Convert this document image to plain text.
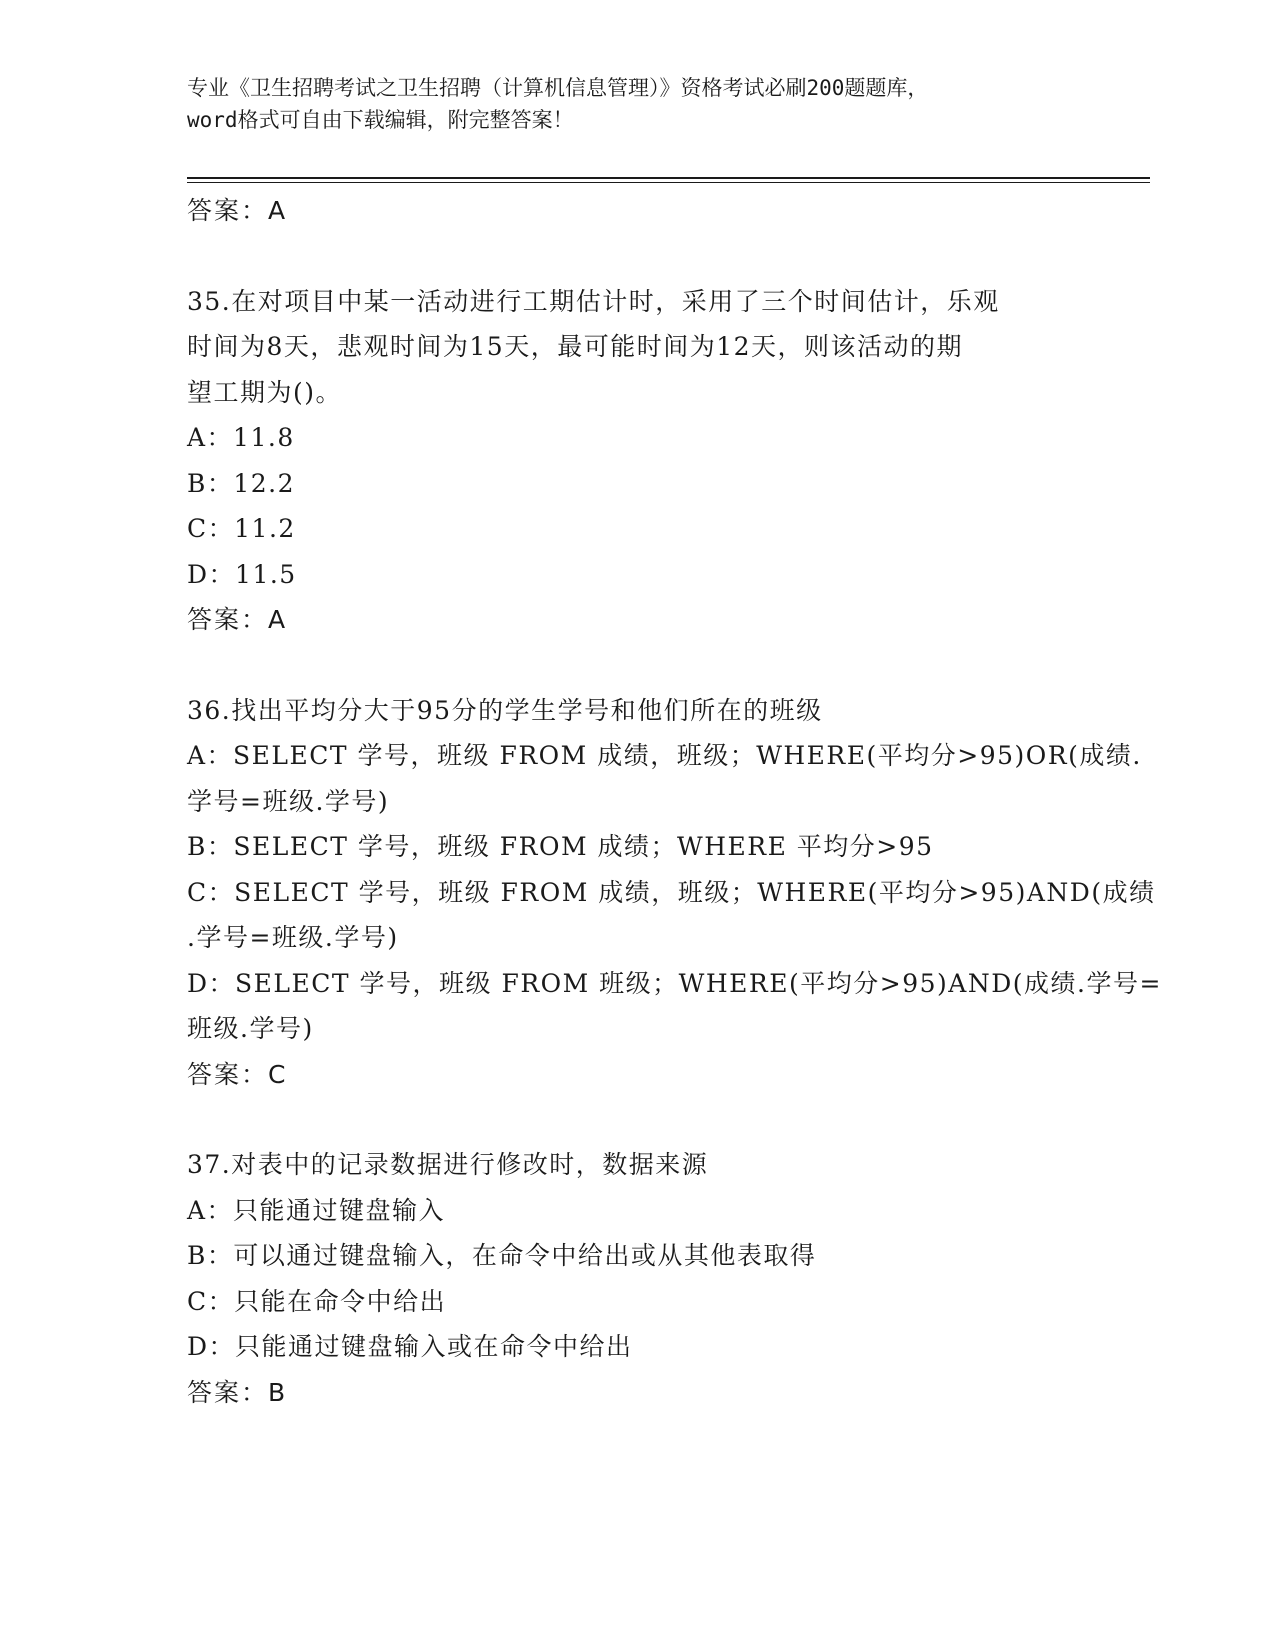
专业《卫生招聘考试之卫生招聘（计算机信息管理）》资格考试必刷200题题库，
word格式可自由下载编辑，附完整答案！
答案：A
35.在对项目中某一活动进行工期估计时，采用了三个时间估计，乐观
时间为8天，悲观时间为15天，最可能时间为12天，则该活动的期
望工期为()。
A：11.8
B：12.2
C：11.2
D：11.5
答案：A
36.找出平均分大于95分的学生学号和他们所在的班级
A：SELECT 学号，班级 FROM 成绩，班级；WHERE(平均分>95)OR(成绩.
学号=班级.学号)
B：SELECT 学号，班级 FROM 成绩；WHERE 平均分>95
C：SELECT 学号，班级 FROM 成绩，班级；WHERE(平均分>95)AND(成绩
.学号=班级.学号)
D：SELECT 学号，班级 FROM 班级；WHERE(平均分>95)AND(成绩.学号=
班级.学号)
答案：C
37.对表中的记录数据进行修改时，数据来源
A：只能通过键盘输入
B：可以通过键盘输入，在命令中给出或从其他表取得
C：只能在命令中给出
D：只能通过键盘输入或在命令中给出
答案：B
